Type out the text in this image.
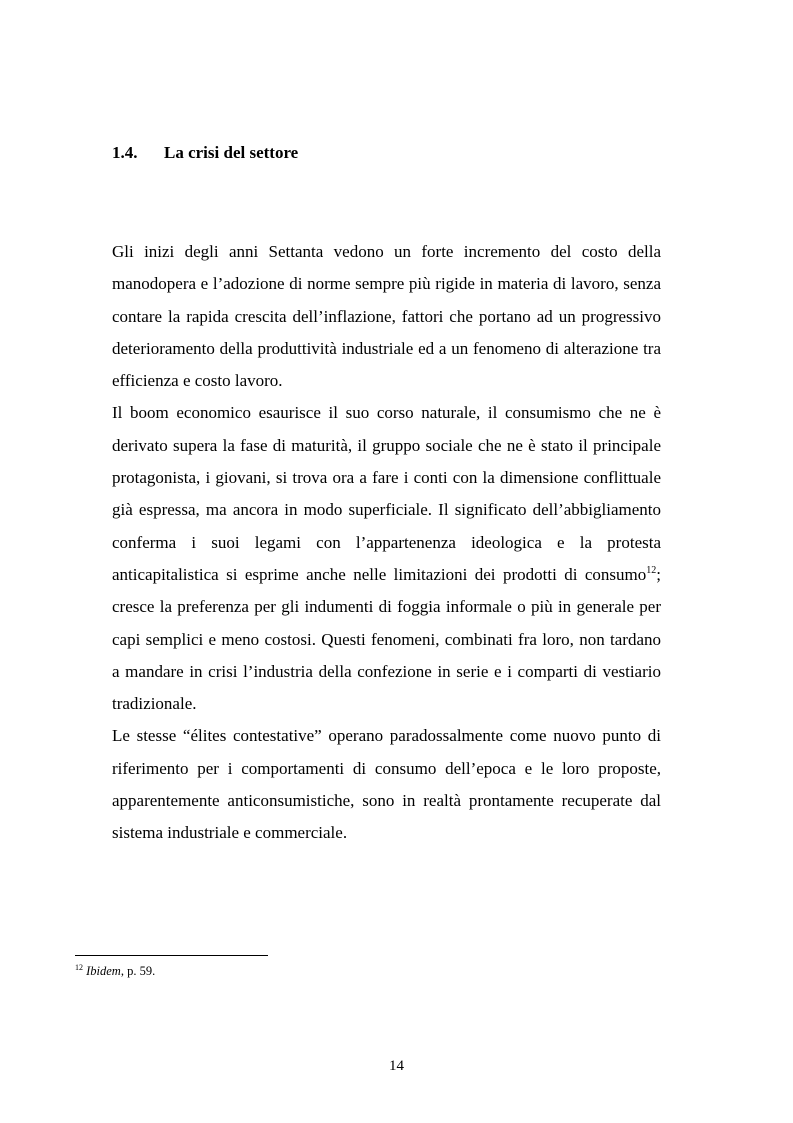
1.4. La crisi del settore

Gli inizi degli anni Settanta vedono un forte incremento del costo della manodopera e l’adozione di norme sempre più rigide in materia di lavoro, senza contare la rapida crescita dell’inflazione, fattori che portano ad un progressivo deterioramento della produttività industriale ed a un fenomeno di alterazione tra efficienza e costo lavoro.

Il boom economico esaurisce il suo corso naturale, il consumismo che ne è derivato supera la fase di maturità, il gruppo sociale che ne è stato il principale protagonista, i giovani, si trova ora a fare i conti con la dimensione conflittuale già espressa, ma ancora in modo superficiale. Il significato dell’abbigliamento conferma i suoi legami con l’appartenenza ideologica e la protesta anticapitalistica si esprime anche nelle limitazioni dei prodotti di consumo$^{12}$; cresce la preferenza per gli indumenti di foggia informale o più in generale per capi semplici e meno costosi. Questi fenomeni, combinati fra loro, non tardano a mandare in crisi l’industria della confezione in serie e i comparti di vestiario tradizionale.

Le stesse “élites contestative” operano paradossalmente come nuovo punto di riferimento per i comportamenti di consumo dell’epoca e le loro proposte, apparentemente anticonsumistiche, sono in realtà prontamente recuperate dal sistema industriale e commerciale.

$^{12}$ Ibidem, p. 59.
14
